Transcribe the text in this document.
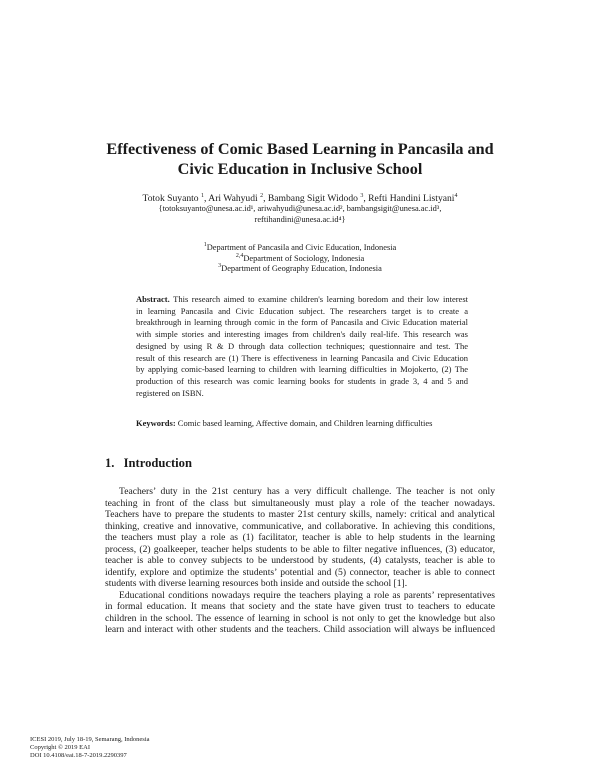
Effectiveness of Comic Based Learning in Pancasila and
Civic Education in Inclusive School
Totok Suyanto $^1$, Ari Wahyudi $^2$, Bambang Sigit Widodo $^3$, Refti Handini Listyani$^4$
{totoksuyanto@unesa.ac.id¹, ariwahyudi@unesa.ac.id², bambangsigit@unesa.ac.id³,
reftihandini@unesa.ac.id⁴}
$^1$Department of Pancasila and Civic Education, Indonesia
$^{2,4}$Department of Sociology, Indonesia
$^3$Department of Geography Education, Indonesia
Abstract. This research aimed to examine children's learning boredom and their low interest
in learning Pancasila and Civic Education subject. The researchers target is to create a
breakthrough in learning through comic in the form of Pancasila and Civic Education material
with simple stories and interesting images from children's daily real-life. This research was
designed by using R & D through data collection techniques; questionnaire and test. The
result of this research are (1) There is effectiveness in learning Pancasila and Civic Education
by applying comic-based learning to children with learning difficulties in Mojokerto, (2) The
production of this research was comic learning books for students in grade 3, 4 and 5 and
registered on ISBN.
Keywords: Comic based learning, Affective domain, and Children learning difficulties
1. Introduction
Teachers’ duty in the 21st century has a very difficult challenge. The teacher is not only
teaching in front of the class but simultaneously must play a role of the teacher nowadays.
Teachers have to prepare the students to master 21st century skills, namely: critical and analytical
thinking, creative and innovative, communicative, and collaborative. In achieving this conditions,
the teachers must play a role as (1) facilitator, teacher is able to help students in the learning
process, (2) goalkeeper, teacher helps students to be able to filter negative influences, (3) educator,
teacher is able to convey subjects to be understood by students, (4) catalysts, teacher is able to
identify, explore and optimize the students’ potential and (5) connector, teacher is able to connect
students with diverse learning resources both inside and outside the school [1].
Educational conditions nowadays require the teachers playing a role as parents’ representatives
in formal education. It means that society and the state have given trust to teachers to educate
children in the school. The essence of learning in school is not only to get the knowledge but also
learn and interact with other students and the teachers. Child association will always be influenced
ICESI 2019, July 18-19, Semarang, Indonesia
Copyright © 2019 EAI
DOI 10.4108/eai.18-7-2019.2290397
